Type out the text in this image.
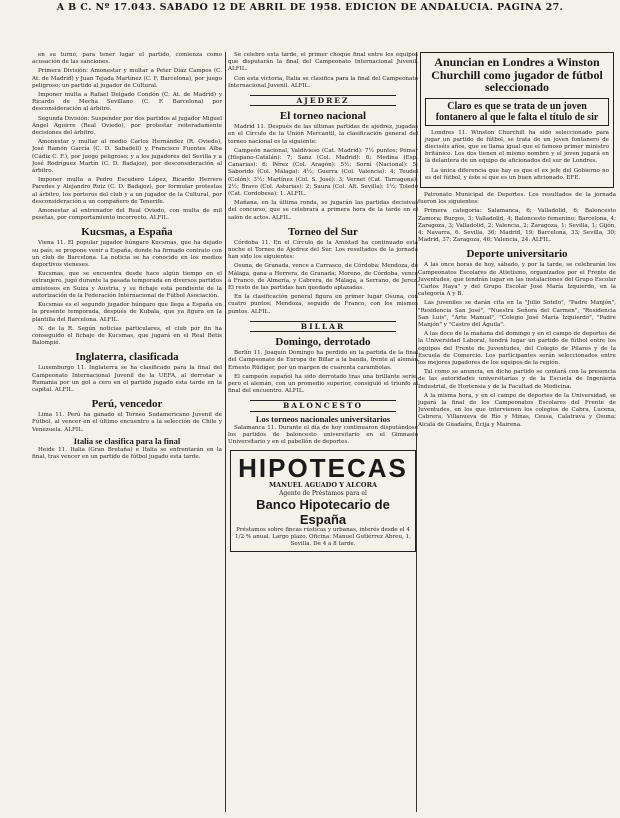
A B C. Nº 17.043. SABADO 12 DE ABRIL DE 1958. EDICION DE ANDALUCIA. PAGINA 27.

en su turno, para tener lugar el partido, comienza como acusación de las sanciones.

Primera División: Amonestar y multar a Peter Díaz Campos (C. At. de Madrid) y Juan Tejada Martínez (C. F. Barcelona), por juego peligroso; un partido al jugador de Cultural.

Imponer multa a Rafael Delgado Condón (C. At. de Madrid) y Ricardo de Mecha Sevillano (C. F. Barcelona) por desconsideración al árbitro.

Segunda División: Suspender por dos partidos al jugador Miguel Ángel Aguirre (Real Oviedo), por protestar reiteradamente decisiones del árbitro.

Amonestar y multar al medio Carlos Hernández (R. Oviedo), José Ramón García (C. D. Sabadell) y Francisco Fuentes Alba (Cádiz C. F.), por juego peligroso; y a los jugadores del Sevilla y a José Rodríguez Martín (C. D. Badajoz), por desconsideración al árbitro.

Imponer multa a Pedro Escudero López, Ricardo Herrero Paredes y Alejandro Ruiz (C. D. Badajoz), por formular protestas al árbitro, los porteros del club y a un jugador de la Cultural, por desconsideración a un compañero de Tenerife.

Amonestar al entrenador del Real Oviedo, con multa de mil pesetas, por comportamiento incorrecto. ALFIL.

Kucsmas, a España

Viena 11. El popular jugador húngaro Kucsmas, que ha dejado su país, se propone venir a España, donde ha firmado contrato con un club de Barcelona. La noticia se ha conocido en los medios deportivos vieneses.

Kucsmas, que se encuentra desde hace algún tiempo en el extranjero, jugó durante la pasada temporada en diversos partidos amistosos en Suiza y Austria, y su fichaje está pendiente de la autorización de la Federación Internacional de Fútbol Asociación.

Kucsmas es el segundo jugador húngaro que llega a España en la presente temporada, después de Kubala, que ya figura en la plantilla del Barcelona. ALFIL.

N. de la R. Según noticias particulares, el club por fin ha conseguido el fichaje de Kucsmas, que jugará en el Real Betis Balompié.

Inglaterra, clasificada

Luxemburgo 11. Inglaterra se ha clasificado para la final del Campeonato Internacional Juvenil de la UEFA, al derrotar a Rumania por un gol a cero en el partido jugado esta tarde en la capital. ALFIL.

Perú, vencedor

Lima 11. Perú ha ganado el Torneo Sudamericano Juvenil de Fútbol, al vencer en el último encuentro a la selección de Chile y Venezuela. ALFIL.

Italia se clasifica para la final

Heide 11. Italia (Gran Bretaña) e Italia se enfrentarán en la final, tras vencer en un partido de fútbol jugado esta tarde.

Se celebró esta tarde, el primer choque final entre los equipos que disputarán la final del Campeonato Internacional Juvenil. ALFIL.

Con esta victoria, Italia se clasifica para la final del Campeonato Internacional Juvenil. ALFIL.

AJEDREZ
El torneo nacional

Madrid 11. Después de las últimas partidas de ajedrez, jugadas en el Círculo de la Unión Mercantil, la clasificación general del torneo nacional es la siguiente:

Campeón nacional, Valdivieso (Cat. Madrid): 7½ puntos; Pomar (Hispano-Catalán): 7; Sanz (Col. Madrid): 6; Medina (Esp. Canarias): 6; Pérez (Col. Aragón): 5½; Sorní (Nacional): 5; Saborido (Col. Málaga): 4½; Guerra (Col. Valencia): 4; Teudel (Colón): 3½; Martínez (Col. S. José): 3; Vernet (Cat. Tarragona): 2½; Bravo (Col. Asturias): 2; Saura (Col. Alt. Sevilla): 1½; Toledo (Cat. Cordobesa): 1. ALFIL.

Mañana, en la última ronda, se jugarán las partidas decisivas del concurso, que se celebrará a primera hora de la tarde en el salón de actos. ALFIL.

Torneo del Sur

Córdoba 11. En el Círculo de la Amistad ha continuado esta noche el Torneo de Ajedrez del Sur. Los resultados de la jornada han sido los siguientes:

Osuna, de Granada, vence a Carrasco, de Córdoba; Mendoza, de Málaga, gana a Herrera, de Granada; Moreno, de Córdoba, vence a Franco, de Almería, y Cabrera, de Málaga, a Serrano, de Jerez. El resto de las partidas han quedado aplazadas.

En la clasificación general figura en primer lugar Osuna, con cuatro puntos; Mendoza, seguido de Franco, con los mismos puntos. ALFIL.

BILLAR
Domingo, derrotado

Berlín 11. Joaquín Domingo ha perdido en la partida de la final del Campeonato de Europa de Billar a la banda, frente al alemán Ernesto Rüdiger, por un margen de cuarenta carambolas.

El campeón español ha sido derrotado tras una brillante serie, pero el alemán, con un promedio superior, consiguió el triunfo al final del encuentro. ALFIL.

BALONCESTO
Los torneos nacionales universitarios

Salamanca 11. Durante el día de hoy continuaron disputándose los partidos de baloncesto universitario en el Gimnasio Universitario y en el pabellón de deportes.

HIPOTECAS
MANUEL AGUADO Y ALCORA
Agente de Préstamos para el
Banco Hipotecario de España
Préstamos sobre fincas rústicas y urbanas, interés desde el 4 1/2 % anual. Largo plazo. Oficina: Manuel Gutiérrez Abreu, 1, Sevilla. De 4 a 8 tarde.
Anuncian en Londres a Winston Churchill como jugador de fútbol seleccionado
Claro es que se trata de un joven fontanero al que le falta el título de sir

Londres 11. Winston Churchill ha sido seleccionado para jugar un partido de fútbol, se trata de un joven fontanero de dieciséis años, que se llama igual que el famoso primer ministro británico. Los dos tienen el mismo nombre y el joven jugará en la delantera de un equipo de aficionados del sur de Londres.

La única diferencia que hay es que el ex jefe del Gobierno no es del fútbol, y éste sí que es un buen aficionado. EFE.

Patronato Municipal de Deportes. Los resultados de la jornada fueron los siguientes:

Primera categoría: Salamanca, 6; Valladolid, 6; Baloncesto Zamora; Burgos, 3; Valladolid, 4; Baloncesto femenino; Barcelona, 4; Zaragoza, 3; Valladolid, 2; Valencia, 2; Zaragoza, 1; Sevilla, 1; Gijón, 4; Navarra, 6. Sevilla, 36; Madrid, 19; Barcelona, 33; Sevilla, 30; Madrid, 37; Zaragoza, 46; Valencia, 24. ALFIL.

Deporte universitario

A las once horas de hoy, sábado, y por la tarde, se celebrarán los Campeonatos Escolares de Atletismo, organizados por el Frente de Juventudes, que tendrán lugar en las instalaciones del Grupo Escolar "Carlos Haya" y del Grupo Escolar José María Izquierdo, en la categoría A y B.

Las juveniles se darán cita en la "Julio Sotelo", "Padre Manjón", "Residencia San José", "Nuestra Señora del Carmen", "Residencia San Luis", "Arte Manual", "Colegio José María Izquierdo", "Padre Manjón" y "Castro del Águila".

A las doce de la mañana del domingo y en el campo de deportes de la Universidad Laboral, tendrá lugar un partido de fútbol entre los equipos del Frente de Juventudes, del Colegio de Pilares y de la Escuela de Comercio. Los participantes serán seleccionados entre los mejores jugadores de los equipos de la región.

Tal como se anuncia, en dicho partido se contará con la presencia de las autoridades universitarias y de la Escuela de Ingeniería Industrial, de Hortensia y de la Facultad de Medicina.

A la misma hora, y en el campo de deportes de la Universidad, se jugará la final de los Campeonatos Escolares del Frente de Juventudes, en los que intervienen los colegios de Cabra, Lucena, Cabrera, Villanueva de Río y Minas, Ceusa, Calatrava y Osuna; Alcalá de Guadaíra, Écija y Mairena.
